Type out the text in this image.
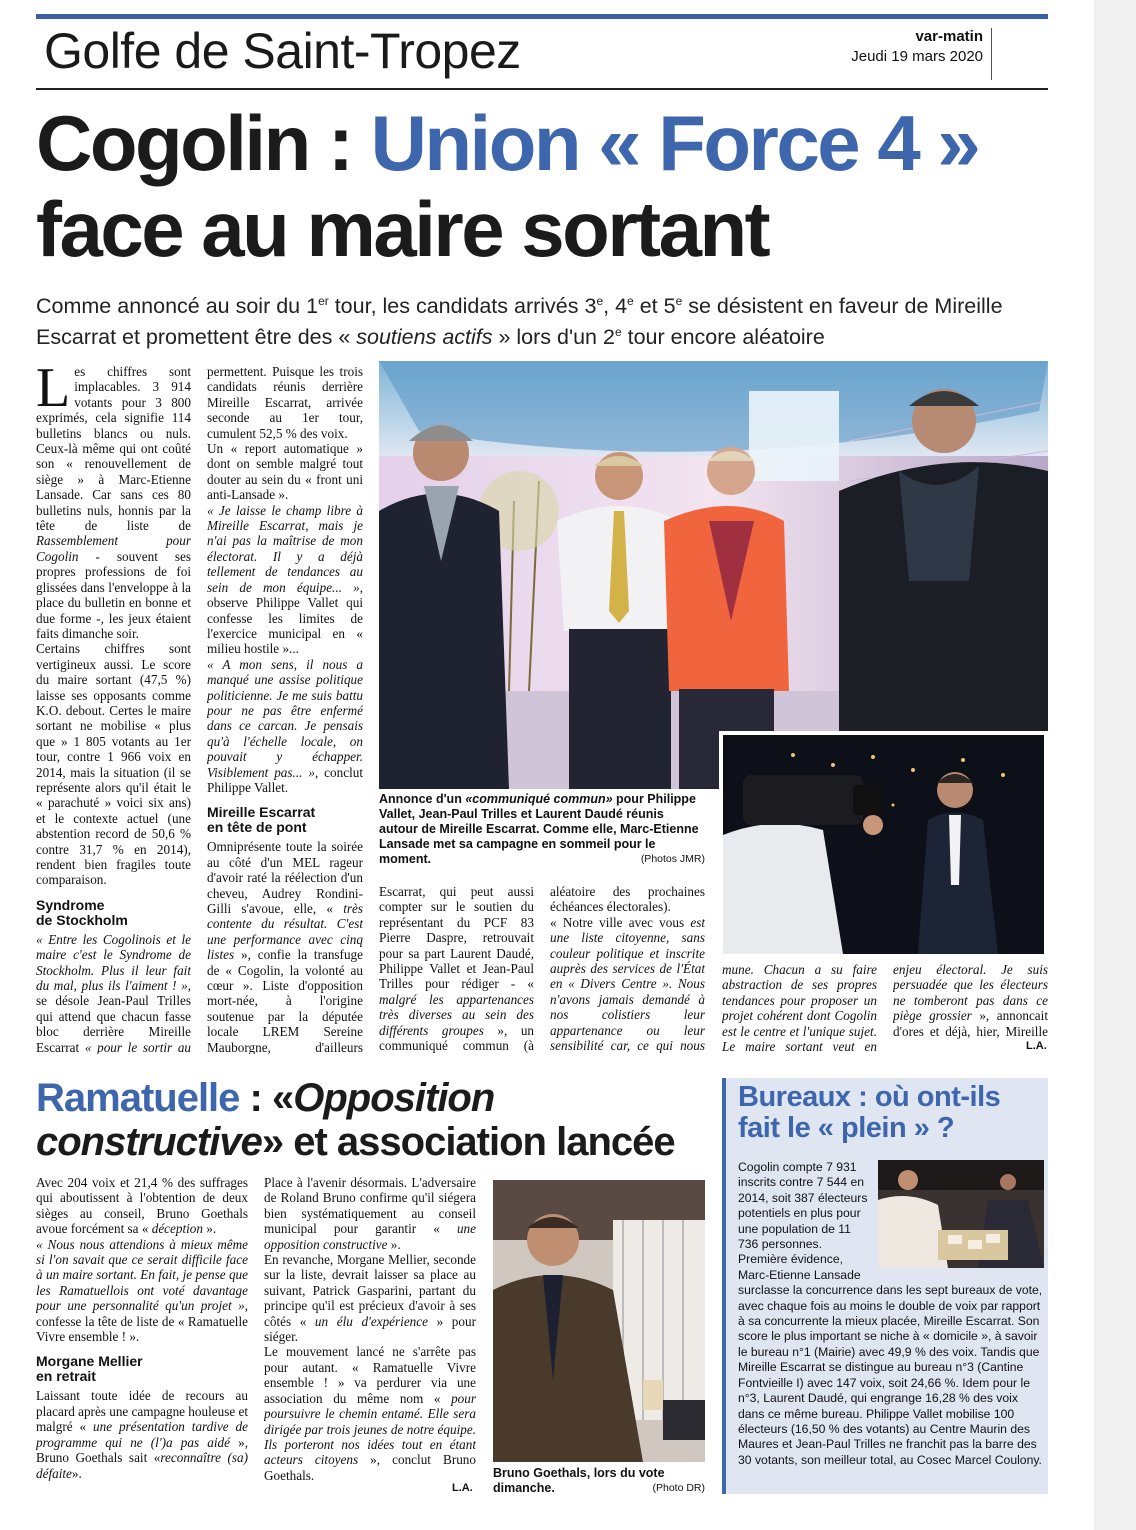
Golfe de Saint-Tropez	var-matin
Jeudi 19 mars 2020
Cogolin : Union « Force 4 »
face au maire sortant
Comme annoncé au soir du 1er tour, les candidats arrivés 3e, 4e et 5e se désistent en faveur de Mireille Escarrat et promettent être des « soutiens actifs » lors d'un 2e tour encore aléatoire

Les chiffres sont implacables. 3 914 votants pour 3 800 exprimés, cela signifie 114 bulletins blancs ou nuls. Ceux-là même qui ont coûté son « renouvellement de siège » à Marc-Etienne Lansade. Car sans ces 80 bulletins nuls, honnis par la tête de liste de Rassemblement pour Cogolin - souvent ses propres professions de foi glissées dans l'enveloppe à la place du bulletin en bonne et due forme -, les jeux étaient faits dimanche soir.

Certains chiffres sont vertigineux aussi. Le score du maire sortant (47,5 %) laisse ses opposants comme K.O. debout. Certes le maire sortant ne mobilise « plus que » 1 805 votants au 1er tour, contre 1 966 voix en 2014, mais la situation (il se représente alors qu'il était le « parachuté » voici six ans) et le contexte actuel (une abstention record de 50,6 % contre 31,7 % en 2014), rendent bien fragiles toute comparaison.

Syndrome
de Stockholm

« Entre les Cogolinois et le maire c'est le Syndrome de Stockholm. Plus il leur fait du mal, plus ils l'aiment ! », se désole Jean-Paul Trilles qui attend que chacun fasse bloc derrière Mireille Escarrat « pour le sortir au

permettent. Puisque les trois candidats réunis derrière Mireille Escarrat, arrivée seconde au 1er tour, cumulent 52,5 % des voix.

Un « report automatique » dont on semble malgré tout douter au sein du « front uni anti-Lansade ».

« Je laisse le champ libre à Mireille Escarrat, mais je n'ai pas la maîtrise de mon électorat. Il y a déjà tellement de tendances au sein de mon équipe... », observe Philippe Vallet qui confesse les limites de l'exercice municipal en « milieu hostile »...

« A mon sens, il nous a manqué une assise politique politicienne. Je me suis battu pour ne pas être enfermé dans ce carcan. Je pensais qu'à l'échelle locale, on pouvait y échapper. Visiblement pas... », conclut Philippe Vallet.

Mireille Escarrat
en tête de pont

Omniprésente toute la soirée au côté d'un MEL rageur d'avoir raté la réélection d'un cheveu, Audrey Rondini-Gilli s'avoue, elle, « très contente du résultat. C'est une performance avec cinq listes », confie la transfuge de « Cogolin, la volonté au cœur ». Liste d'opposition mort-née, à l'origine soutenue par la députée locale LREM Sereine Mauborgne, d'ailleurs

Annonce d'un «communiqué commun» pour Philippe Vallet, Jean-Paul Trilles et Laurent Daudé réunis autour de Mireille Escarrat. Comme elle, Marc-Etienne Lansade met sa campagne en sommeil pour le moment.	(Photos JMR)

Escarrat, qui peut aussi compter sur le soutien du représentant du PCF 83 Pierre Daspre, retrouvait pour sa part Laurent Daudé, Philippe Vallet et Jean-Paul Trilles pour rédiger - « malgré les appartenances très diverses au sein des différents groupes », un communiqué commun (à

aléatoire des prochaines échéances électorales).

« Notre ville avec vous est une liste citoyenne, sans couleur politique et inscrite auprès des services de l'État en « Divers Centre ». Nous n'avons jamais demandé à nos colistiers leur appartenance ou leur sensibilité car, ce qui nous

mune. Chacun a su faire abstraction de ses propres tendances pour proposer un projet cohérent dont Cogolin est le centre et l'unique sujet. Le maire sortant veut en

enjeu électoral. Je suis persuadée que les électeurs ne tomberont pas dans ce piège grossier », annoncait d'ores et déjà, hier, Mireille

L.A.
Ramatuelle : «Opposition
constructive» et association lancée

Avec 204 voix et 21,4 % des suffrages qui aboutissent à l'obtention de deux sièges au conseil, Bruno Goethals avoue forcément sa « déception ».

« Nous nous attendions à mieux même si l'on savait que ce serait difficile face à un maire sortant. En fait, je pense que les Ramatuellois ont voté davantage pour une personnalité qu'un projet », confesse la tête de liste de « Ramatuelle Vivre ensemble ! ».

Morgane Mellier
en retrait

Laissant toute idée de recours au placard après une campagne houleuse et malgré « une présentation tardive de programme qui ne (l')a pas aidé », Bruno Goethals sait «reconnaître (sa) défaite».

Place à l'avenir désormais. L'adversaire de Roland Bruno confirme qu'il siégera bien systématiquement au conseil municipal pour garantir « une opposition constructive ».

En revanche, Morgane Mellier, seconde sur la liste, devrait laisser sa place au suivant, Patrick Gasparini, partant du principe qu'il est précieux d'avoir à ses côtés « un élu d'expérience » pour siéger.

Le mouvement lancé ne s'arrête pas pour autant. « Ramatuelle Vivre ensemble ! » va perdurer via une association du même nom « pour poursuivre le chemin entamé. Elle sera dirigée par trois jeunes de notre équipe. Ils porteront nos idées tout en étant acteurs citoyens », conclut Bruno Goethals.

L.A.
Bruno Goethals, lors du vote dimanche.	(Photo DR)
Bureaux : où ont-ils
fait le « plein » ?
Cogolin compte 7 931 inscrits contre 7 544 en 2014, soit 387 électeurs potentiels en plus pour une population de 11 736 personnes. Première évidence, Marc-Etienne Lansade
surclasse la concurrence dans les sept bureaux de vote, avec chaque fois au moins le double de voix par rapport à sa concurrente la mieux placée, Mireille Escarrat. Son score le plus important se niche à « domicile », à savoir le bureau n°1 (Mairie) avec 49,9 % des voix. Tandis que Mireille Escarrat se distingue au bureau n°3 (Cantine Fontvieille I) avec 147 voix, soit 24,66 %. Idem pour le n°3, Laurent Daudé, qui engrange 16,28 % des voix dans ce même bureau. Philippe Vallet mobilise 100 électeurs (16,50 % des votants) au Centre Maurin des Maures et Jean-Paul Trilles ne franchit pas la barre des 30 votants, son meilleur total, au Cosec Marcel Coulony.
